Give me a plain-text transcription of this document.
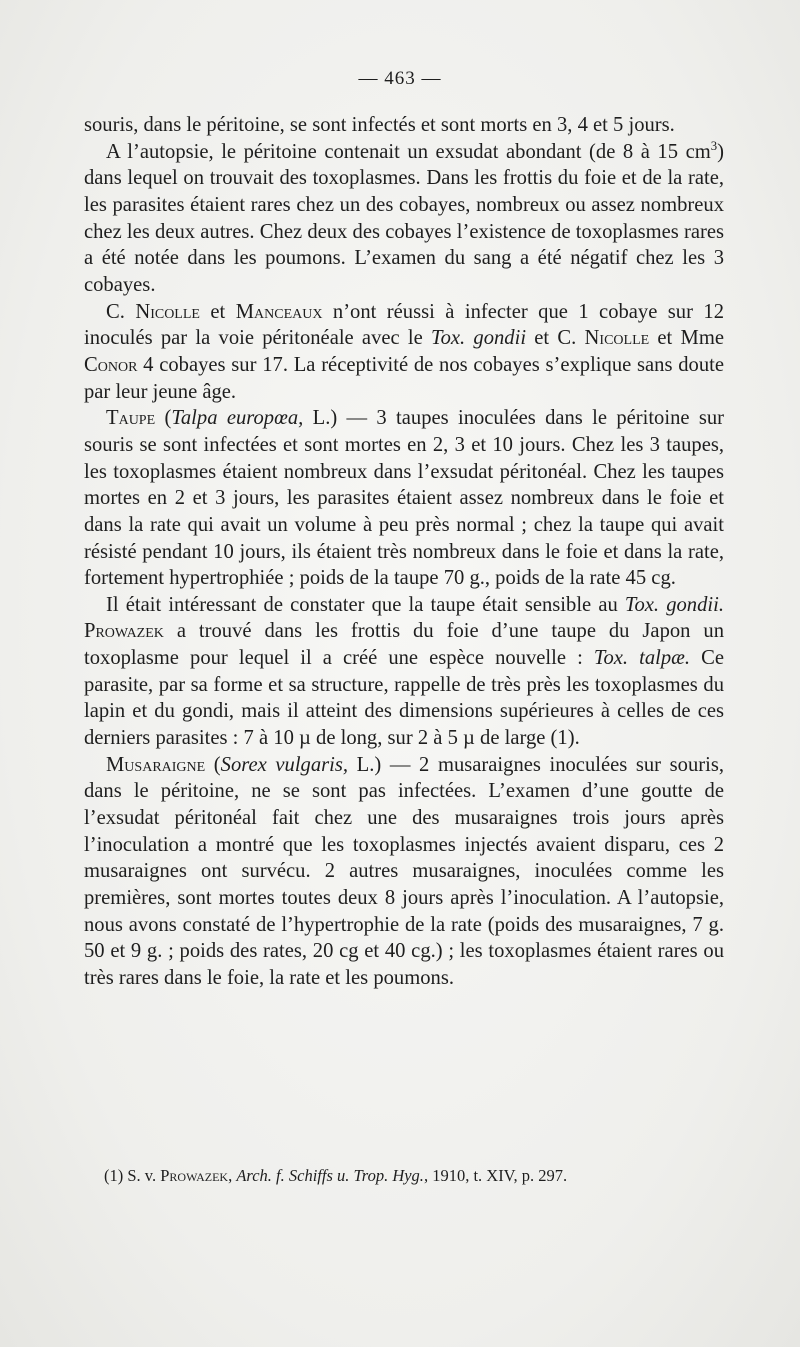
— 463 —

souris, dans le péritoine, se sont infectés et sont morts en 3, 4 et 5 jours.

A l’autopsie, le péritoine contenait un exsudat abondant (de 8 à 15 $cm^3$) dans lequel on trouvait des toxoplasmes. Dans les frottis du foie et de la rate, les parasites étaient rares chez un des cobayes, nombreux ou assez nombreux chez les deux autres. Chez deux des cobayes l’existence de toxoplasmes rares a été notée dans les poumons. L’examen du sang a été négatif chez les 3 cobayes.

C. Nicolle et Manceaux n’ont réussi à infecter que 1 cobaye sur 12 inoculés par la voie péritonéale avec le Tox. gondii et C. Nicolle et Mme Conor 4 cobayes sur 17. La réceptivité de nos cobayes s’explique sans doute par leur jeune âge.

Taupe (Talpa europœa, L.) — 3 taupes inoculées dans le péritoine sur souris se sont infectées et sont mortes en 2, 3 et 10 jours. Chez les 3 taupes, les toxoplasmes étaient nombreux dans l’exsudat péritonéal. Chez les taupes mortes en 2 et 3 jours, les parasites étaient assez nombreux dans le foie et dans la rate qui avait un volume à peu près normal ; chez la taupe qui avait résisté pendant 10 jours, ils étaient très nombreux dans le foie et dans la rate, fortement hypertrophiée ; poids de la taupe 70 g., poids de la rate 45 cg.

Il était intéressant de constater que la taupe était sensible au Tox. gondii. Prowazek a trouvé dans les frottis du foie d’une taupe du Japon un toxoplasme pour lequel il a créé une espèce nouvelle : Tox. talpæ. Ce parasite, par sa forme et sa structure, rappelle de très près les toxoplasmes du lapin et du gondi, mais il atteint des dimensions supérieures à celles de ces derniers parasites : 7 à 10 µ de long, sur 2 à 5 µ de large (1).

Musaraigne (Sorex vulgaris, L.) — 2 musaraignes inoculées sur souris, dans le péritoine, ne se sont pas infectées. L’examen d’une goutte de l’exsudat péritonéal fait chez une des musaraignes trois jours après l’inoculation a montré que les toxoplasmes injectés avaient disparu, ces 2 musaraignes ont survécu. 2 autres musaraignes, inoculées comme les premières, sont mortes toutes deux 8 jours après l’inoculation. A l’autopsie, nous avons constaté de l’hypertrophie de la rate (poids des musaraignes, 7 g. 50 et 9 g. ; poids des rates, 20 cg et 40 cg.) ; les toxoplasmes étaient rares ou très rares dans le foie, la rate et les poumons.

(1) S. v. Prowazek, Arch. f. Schiffs u. Trop. Hyg., 1910, t. XIV, p. 297.
